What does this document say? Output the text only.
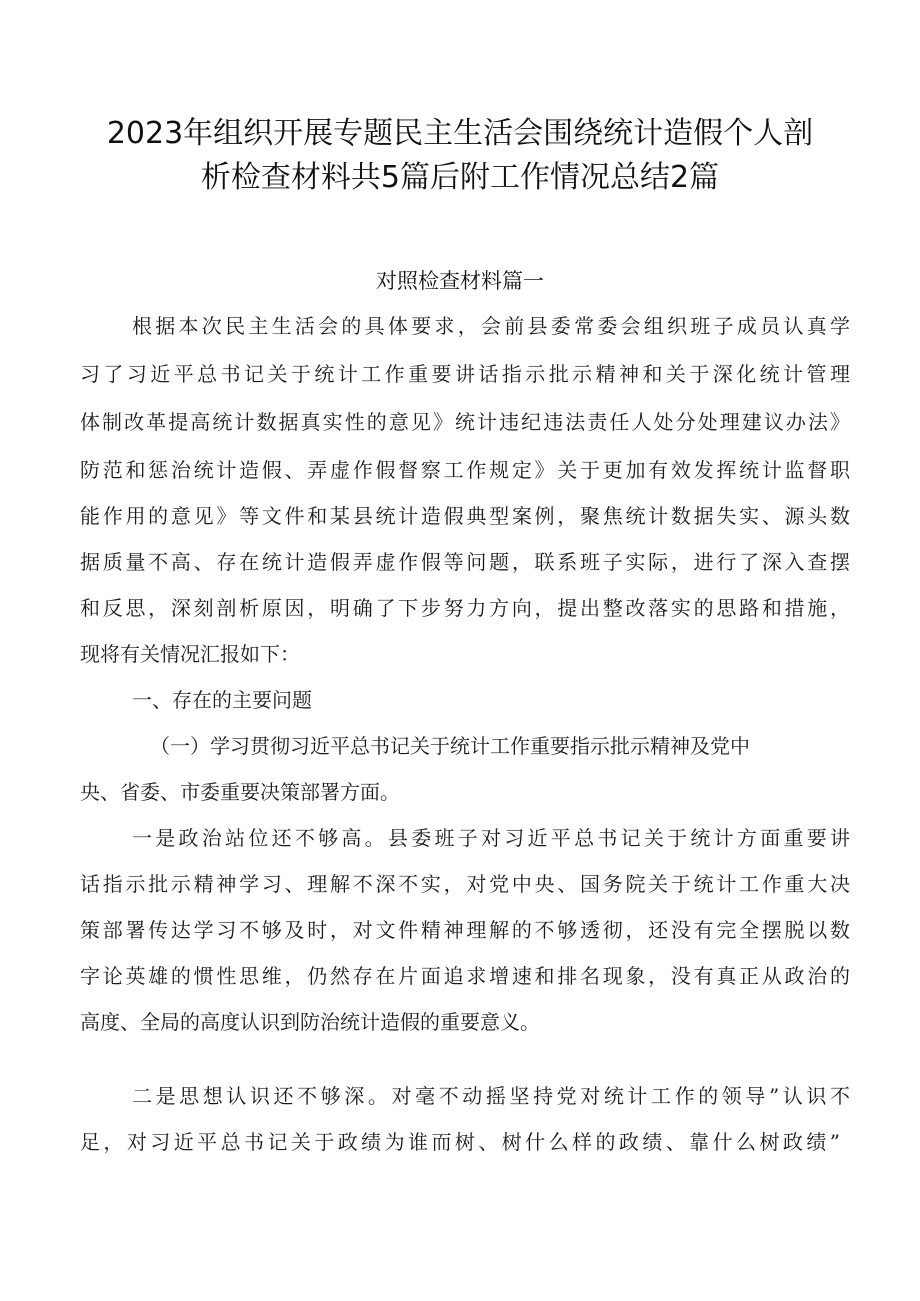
2023年组织开展专题民主生活会围绕统计造假个人剖
析检查材料共5篇后附工作情况总结2篇
对照检查材料篇一
根据本次民主生活会的具体要求，会前县委常委会组织班子成员认真学
习了习近平总书记关于统计工作重要讲话指示批示精神和关于深化统计管理
体制改革提高统计数据真实性的意见》统计违纪违法责任人处分处理建议办法》
防范和惩治统计造假、弄虚作假督察工作规定》关于更加有效发挥统计监督职
能作用的意见》等文件和某县统计造假典型案例，聚焦统计数据失实、源头数
据质量不高、存在统计造假弄虚作假等问题，联系班子实际，进行了深入查摆
和反思，深刻剖析原因，明确了下步努力方向，提出整改落实的思路和措施，
现将有关情况汇报如下：
一、存在的主要问题
（一）学习贯彻习近平总书记关于统计工作重要指示批示精神及党中
央、省委、市委重要决策部署方面。
一是政治站位还不够高。县委班子对习近平总书记关于统计方面重要讲
话指示批示精神学习、理解不深不实，对党中央、国务院关于统计工作重大决
策部署传达学习不够及时，对文件精神理解的不够透彻，还没有完全摆脱以数
字论英雄的惯性思维，仍然存在片面追求增速和排名现象，没有真正从政治的
高度、全局的高度认识到防治统计造假的重要意义。
二是思想认识还不够深。对毫不动摇坚持党对统计工作的领导”认识不
足，对习近平总书记关于政绩为谁而树、树什么样的政绩、靠什么树政绩”
